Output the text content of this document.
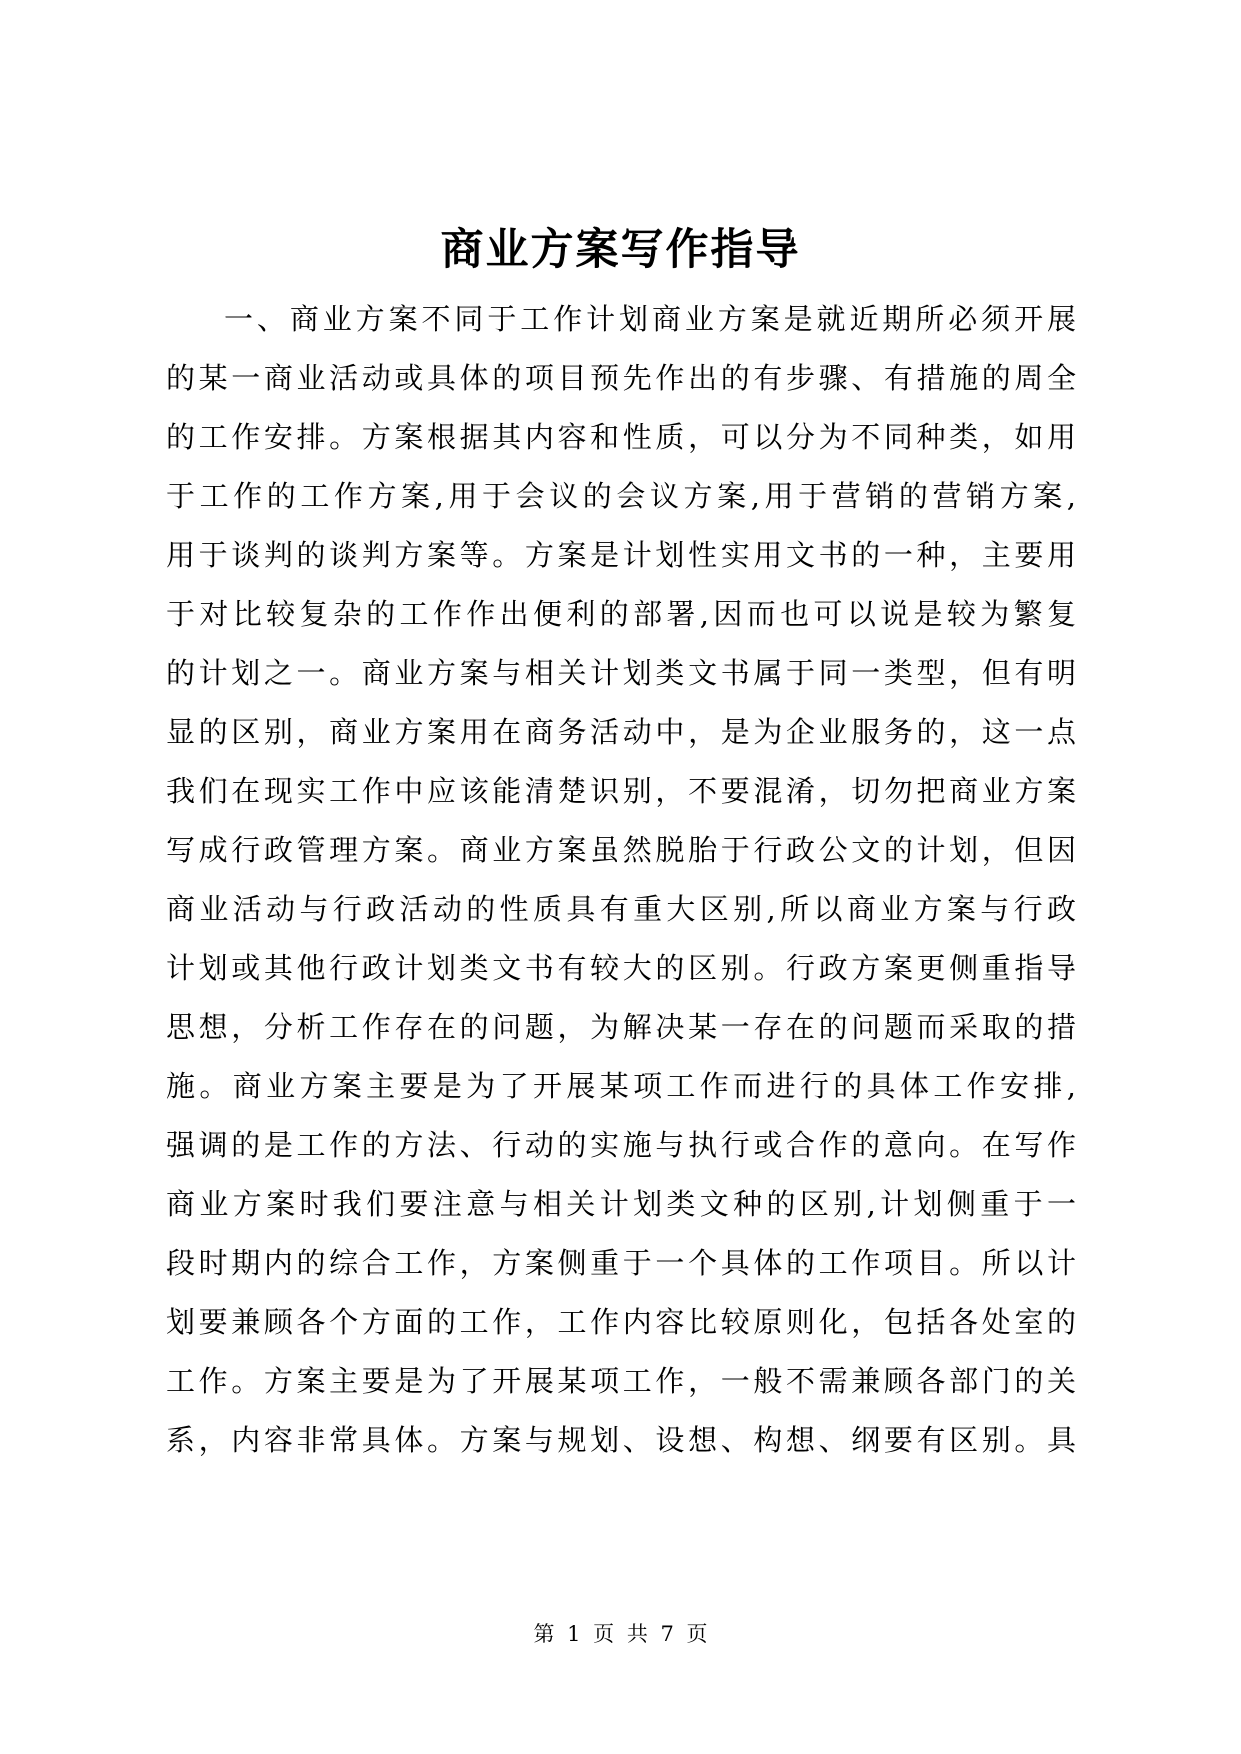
商业方案写作指导
一、商业方案不同于工作计划商业方案是就近期所必须开展
的某一商业活动或具体的项目预先作出的有步骤、有措施的周全
的工作安排。方案根据其内容和性质，可以分为不同种类，如用
于工作的工作方案,用于会议的会议方案,用于营销的营销方案,
用于谈判的谈判方案等。方案是计划性实用文书的一种，主要用
于对比较复杂的工作作出便利的部署,因而也可以说是较为繁复
的计划之一。商业方案与相关计划类文书属于同一类型，但有明
显的区别，商业方案用在商务活动中，是为企业服务的，这一点
我们在现实工作中应该能清楚识别，不要混淆，切勿把商业方案
写成行政管理方案。商业方案虽然脱胎于行政公文的计划，但因
商业活动与行政活动的性质具有重大区别,所以商业方案与行政
计划或其他行政计划类文书有较大的区别。行政方案更侧重指导
思想，分析工作存在的问题，为解决某一存在的问题而采取的措
施。商业方案主要是为了开展某项工作而进行的具体工作安排,
强调的是工作的方法、行动的实施与执行或合作的意向。在写作
商业方案时我们要注意与相关计划类文种的区别,计划侧重于一
段时期内的综合工作，方案侧重于一个具体的工作项目。所以计
划要兼顾各个方面的工作，工作内容比较原则化，包括各处室的
工作。方案主要是为了开展某项工作，一般不需兼顾各部门的关
系，内容非常具体。方案与规划、设想、构想、纲要有区别。具
第 1 页 共 7 页
